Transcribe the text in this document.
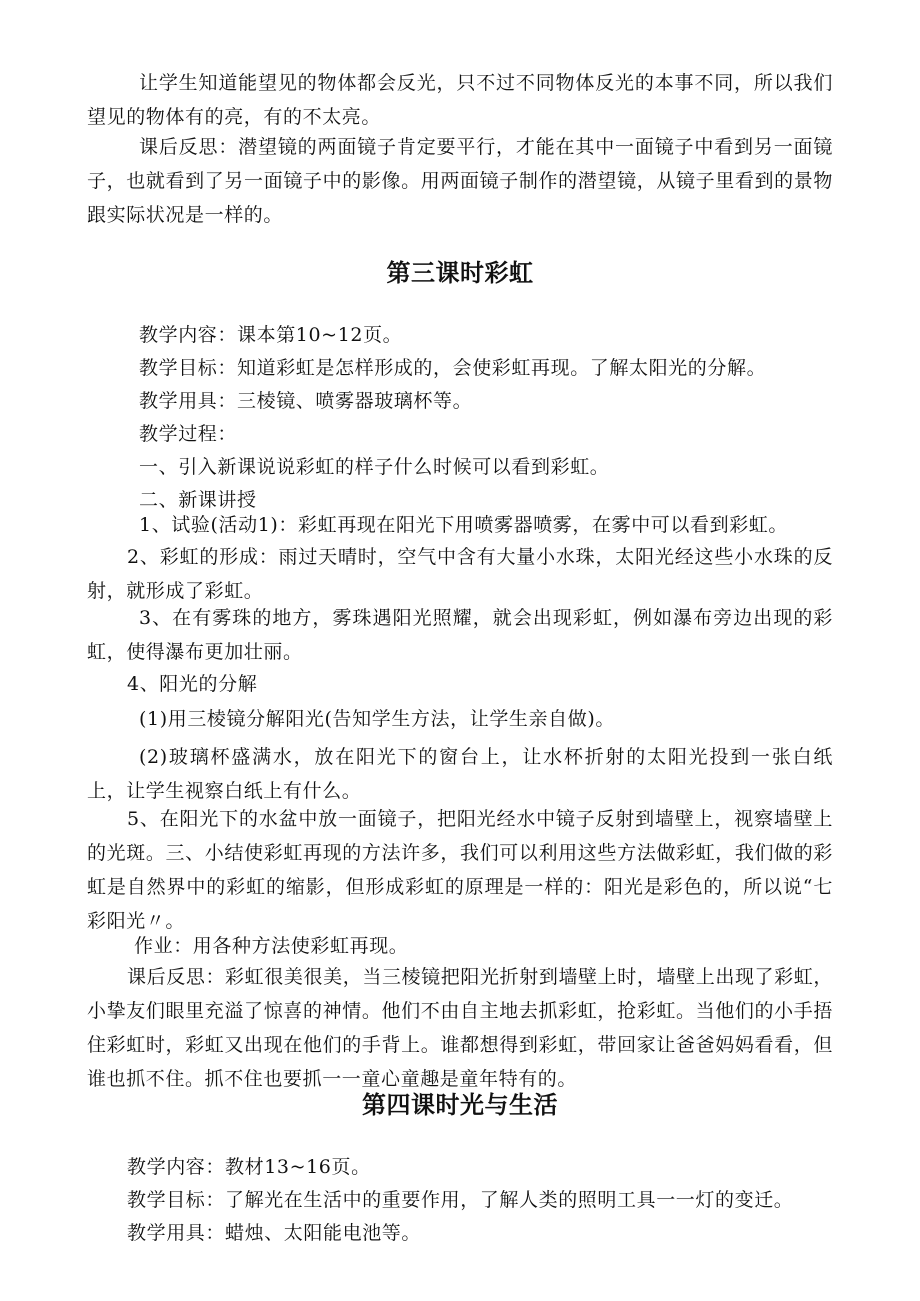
让学生知道能望见的物体都会反光，只不过不同物体反光的本事不同，所以我们望见的物体有的亮，有的不太亮。
课后反思：潜望镜的两面镜子肯定要平行，才能在其中一面镜子中看到另一面镜子，也就看到了另一面镜子中的影像。用两面镜子制作的潜望镜，从镜子里看到的景物跟实际状况是一样的。
第三课时彩虹
教学内容：课本第10~12页。
教学目标：知道彩虹是怎样形成的，会使彩虹再现。了解太阳光的分解。
教学用具：三棱镜、喷雾器玻璃杯等。
教学过程：
一、引入新课说说彩虹的样子什么时候可以看到彩虹。
二、新课讲授
1、试验(活动1)：彩虹再现在阳光下用喷雾器喷雾，在雾中可以看到彩虹。
2、彩虹的形成：雨过天晴时，空气中含有大量小水珠，太阳光经这些小水珠的反射，就形成了彩虹。
3、在有雾珠的地方，雾珠遇阳光照耀，就会出现彩虹，例如瀑布旁边出现的彩虹，使得瀑布更加壮丽。
4、阳光的分解
(1)用三棱镜分解阳光(告知学生方法，让学生亲自做)。
(2)玻璃杯盛满水，放在阳光下的窗台上，让水杯折射的太阳光投到一张白纸上，让学生视察白纸上有什么。
5、在阳光下的水盆中放一面镜子，把阳光经水中镜子反射到墙壁上，视察墙壁上的光斑。三、小结使彩虹再现的方法许多，我们可以利用这些方法做彩虹，我们做的彩虹是自然界中的彩虹的缩影，但形成彩虹的原理是一样的：阳光是彩色的，所以说“七彩阳光〃。
作业：用各种方法使彩虹再现。
课后反思：彩虹很美很美，当三棱镜把阳光折射到墙壁上时，墙壁上出现了彩虹，小挚友们眼里充溢了惊喜的神情。他们不由自主地去抓彩虹，抢彩虹。当他们的小手捂住彩虹时，彩虹又出现在他们的手背上。谁都想得到彩虹，带回家让爸爸妈妈看看，但谁也抓不住。抓不住也要抓一一童心童趣是童年特有的。
第四课时光与生活
教学内容：教材13~16页。
教学目标：了解光在生活中的重要作用，了解人类的照明工具一一灯的变迁。
教学用具：蜡烛、太阳能电池等。
